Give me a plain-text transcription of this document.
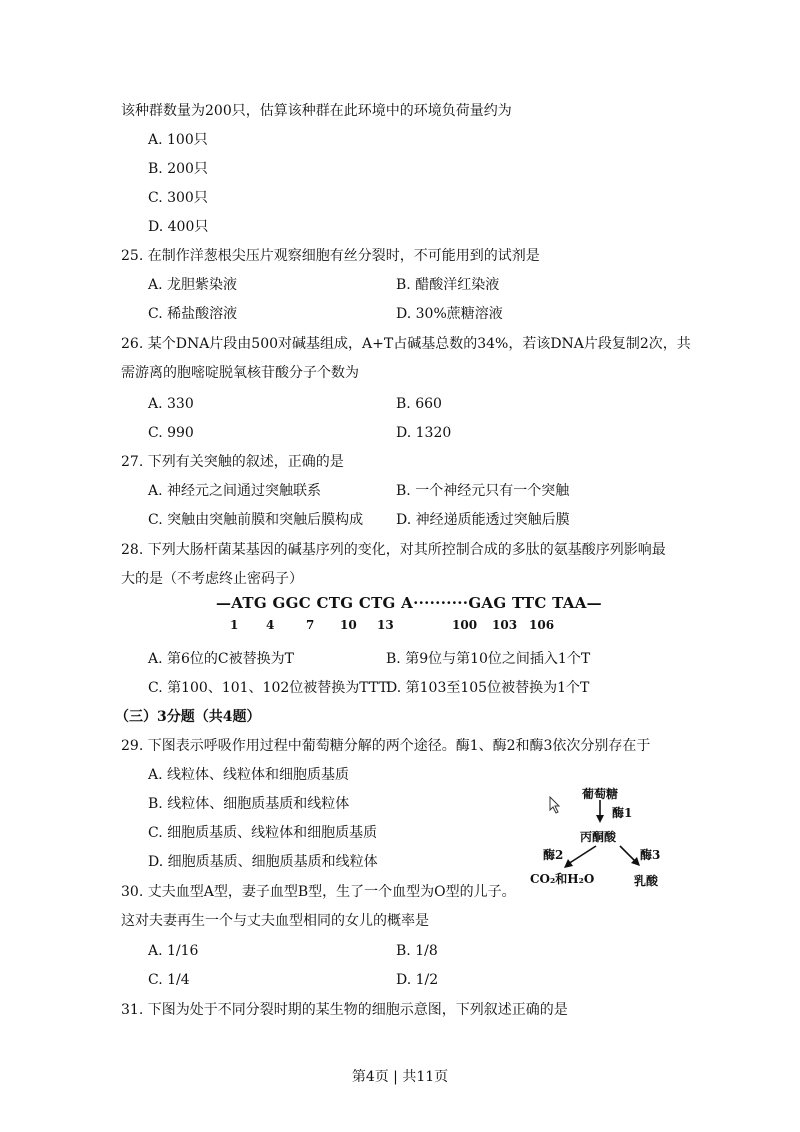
该种群数量为200只，估算该种群在此环境中的环境负荷量约为
A. 100只
B. 200只
C. 300只
D. 400只
25. 在制作洋葱根尖压片观察细胞有丝分裂时，不可能用到的试剂是
A. 龙胆紫染液	B. 醋酸洋红染液
C. 稀盐酸溶液	D. 30%蔗糖溶液
26. 某个DNA片段由500对碱基组成，A+T占碱基总数的34%，若该DNA片段复制2次，共
需游离的胞嘧啶脱氧核苷酸分子个数为
A. 330	B. 660
C. 990	D. 1320
27. 下列有关突触的叙述，正确的是
A. 神经元之间通过突触联系	B. 一个神经元只有一个突触
C. 突触由突触前膜和突触后膜构成 D. 神经递质能透过突触后膜
28. 下列大肠杆菌某基因的碱基序列的变化，对其所控制合成的多肽的氨基酸序列影响最
大的是（不考虑终止密码子）
—ATG GGC CTG CTG A··········GAG TTC TAA—
1 4	7 10 13	100 103 106
A. 第6位的C被替换为T	B. 第9位与第10位之间插入1个T
C. 第100、101、102位被替换为TTT
D. 第103至105位被替换为1个T
（三）3分题（共4题）
29. 下图表示呼吸作用过程中葡萄糖分解的两个途径。酶1、酶2和酶3依次分别存在于
A. 线粒体、线粒体和细胞质基质
B. 线粒体、细胞质基质和线粒体
C. 细胞质基质、线粒体和细胞质基质
D. 细胞质基质、细胞质基质和线粒体
葡萄糖
酶1
丙酮酸
酶2	酶3
CO₂和H₂O	乳酸
30. 丈夫血型A型，妻子血型B型，生了一个血型为O型的儿子。
这对夫妻再生一个与丈夫血型相同的女儿的概率是
A. 1/16	B. 1/8
C. 1/4	D. 1/2
31. 下图为处于不同分裂时期的某生物的细胞示意图，下列叙述正确的是
第4页 | 共11页
